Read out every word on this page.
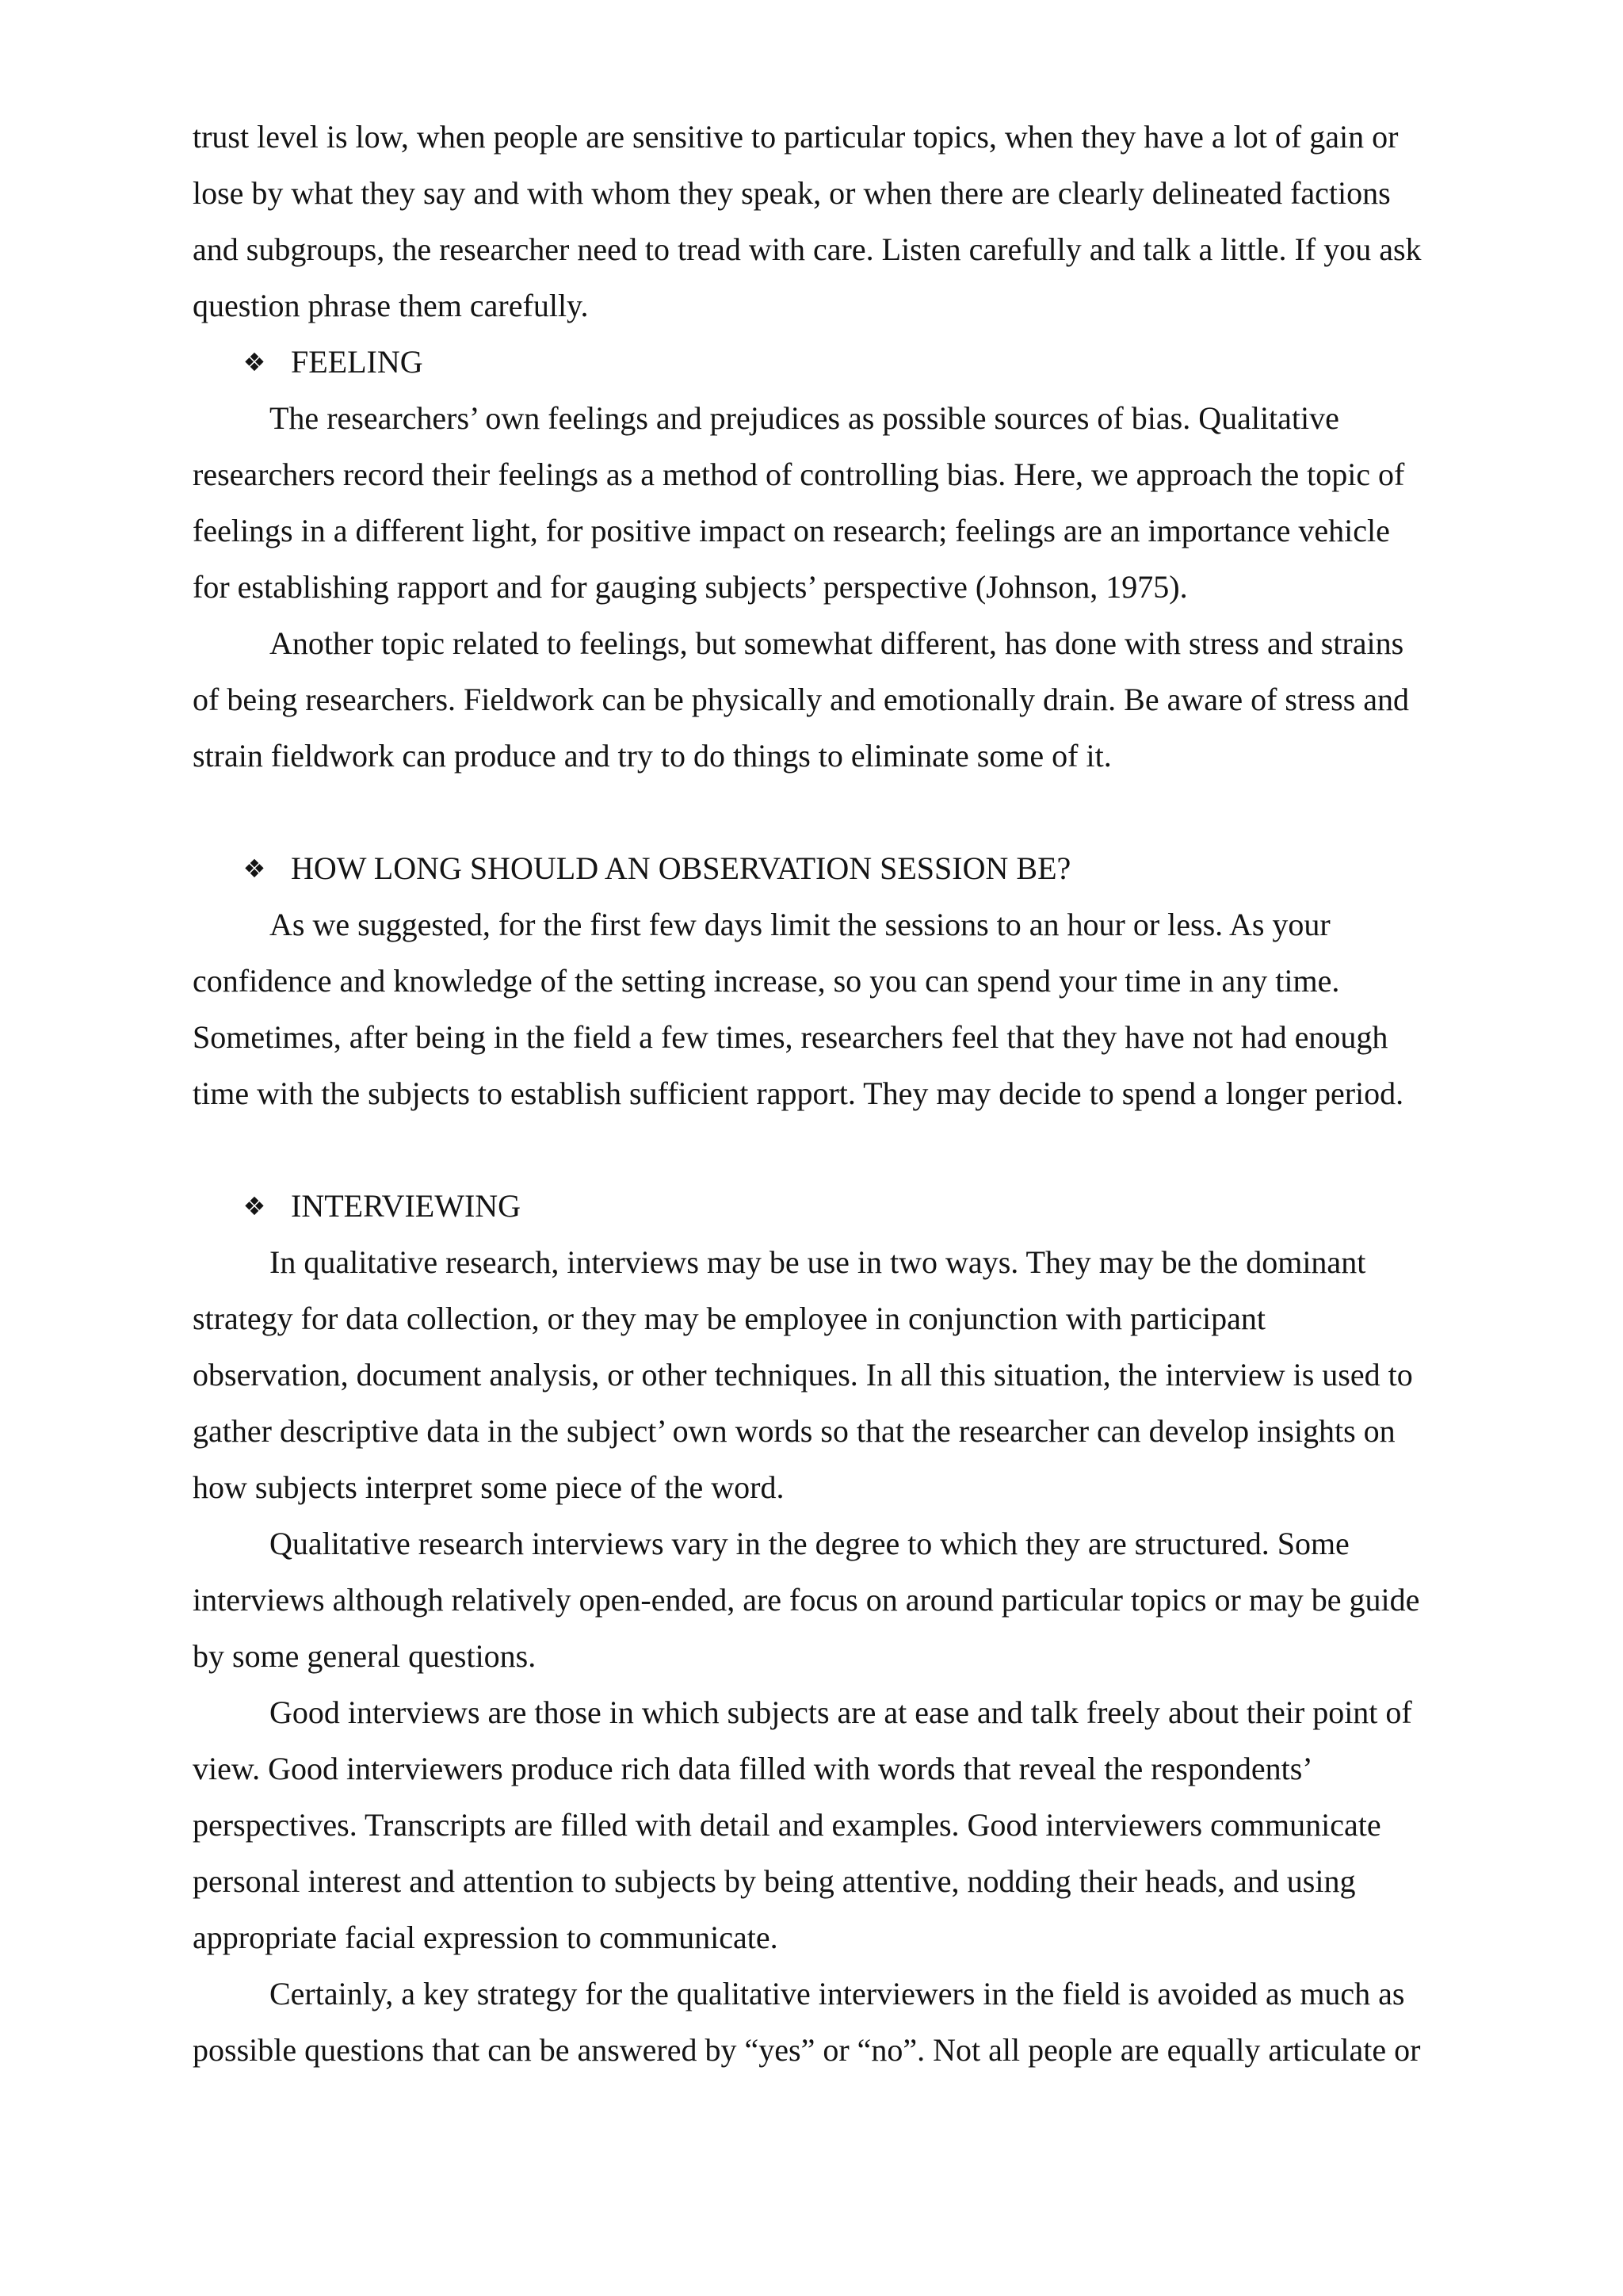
trust level is low, when people are sensitive to particular topics, when they have a lot of gain or
lose by what they say and with whom they speak, or when there are clearly delineated factions
and subgroups, the researcher need to tread with care. Listen carefully and talk a little. If you ask
question phrase them carefully.
❖ FEELING
The researchers’ own feelings and prejudices as possible sources of bias. Qualitative
researchers record their feelings as a method of controlling bias. Here, we approach the topic of
feelings in a different light, for positive impact on research; feelings are an importance vehicle
for establishing rapport and for gauging subjects’ perspective (Johnson, 1975).
Another topic related to feelings, but somewhat different, has done with stress and strains
of being researchers. Fieldwork can be physically and emotionally drain. Be aware of stress and
strain fieldwork can produce and try to do things to eliminate some of it.
❖ HOW LONG SHOULD AN OBSERVATION SESSION BE?
As we suggested, for the first few days limit the sessions to an hour or less. As your
confidence and knowledge of the setting increase, so you can spend your time in any time.
Sometimes, after being in the field a few times, researchers feel that they have not had enough
time with the subjects to establish sufficient rapport. They may decide to spend a longer period.
❖ INTERVIEWING
In qualitative research, interviews may be use in two ways. They may be the dominant
strategy for data collection, or they may be employee in conjunction with participant
observation, document analysis, or other techniques. In all this situation, the interview is used to
gather descriptive data in the subject’ own words so that the researcher can develop insights on
how subjects interpret some piece of the word.
Qualitative research interviews vary in the degree to which they are structured. Some
interviews although relatively open-ended, are focus on around particular topics or may be guide
by some general questions.
Good interviews are those in which subjects are at ease and talk freely about their point of
view. Good interviewers produce rich data filled with words that reveal the respondents’
perspectives. Transcripts are filled with detail and examples. Good interviewers communicate
personal interest and attention to subjects by being attentive, nodding their heads, and using
appropriate facial expression to communicate.
Certainly, a key strategy for the qualitative interviewers in the field is avoided as much as
possible questions that can be answered by “yes” or “no”. Not all people are equally articulate or
